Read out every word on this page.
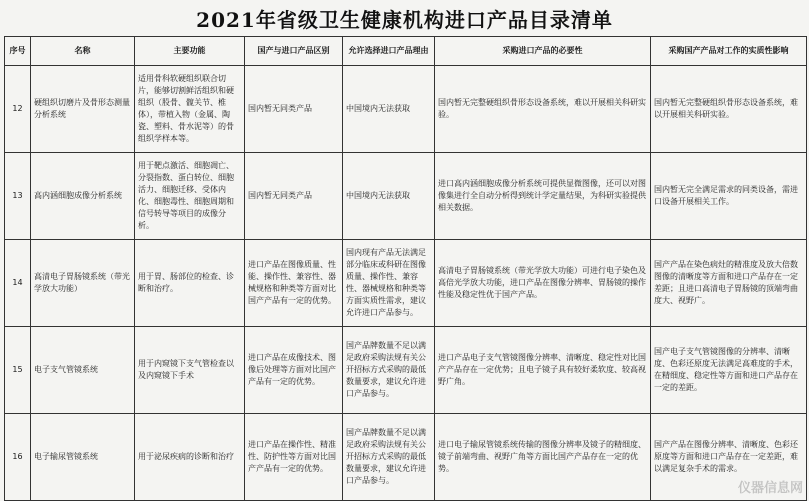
2021年省级卫生健康机构进口产品目录清单
序号	名称	主要功能	国产与进口产品区别	允许选择进口产品理由	采购进口产品的必要性	采购国产产品对工作的实质性影响
12	硬组织切磨片及骨形态测量分析系统	适用骨科软硬组织联合切片，能够切割鲜活组织和硬组织（股骨、髋关节、椎体），带植入物（金属、陶瓷、塑料、骨水泥等）的骨组织学样本等。	国内暂无同类产品	中国境内无法获取	国内暂无完整硬组织骨形态设备系统，难以开展相关科研实验。	国内暂无完整硬组织骨形态设备系统，难以开展相关科研实验。
13	高内涵细胞成像分析系统	用于靶点激活、细胞凋亡、分裂指数、蛋白转位、细胞活力、细胞迁移、受体内化、细胞毒性、细胞周期和信号转导等项目的成像分析。	国内暂无同类产品	中国境内无法获取	进口高内涵细胞成像分析系统可提供显微图像，还可以对图像集进行全自动分析得到统计学定量结果，为科研实验提供相关数据。	国内暂无完全满足需求的同类设备，需进口设备开展相关工作。
14	高清电子胃肠镜系统（带光学放大功能）	用于胃、肠部位的检查、诊断和治疗。	进口产品在图像质量、性能、操作性、兼容性、器械规格和种类等方面对比国产产品有一定的优势。	国内现有产品无法满足部分临床或科研在图像质量、操作性、兼容性、器械规格和种类等方面实质性需求，建议允许进口产品参与。	高清电子胃肠镜系统（带光学放大功能）可进行电子染色及高倍光学放大功能，进口产品在图像分辨率、胃肠镜的操作性能及稳定性优于国产产品。	国产产品在染色病灶的精准度及放大倍数图像的清晰度等方面和进口产品存在一定差距；且进口高清电子胃肠镜的顶端弯曲度大、视野广。
15	电子支气管镜系统	用于内窥镜下支气管检查以及内窥镜下手术	进口产品在成像技术、图像后处理等方面对比国产产品有一定的优势。	国产品牌数量不足以满足政府采购法规有关公开招标方式采购的最低数量要求，建议允许进口产品参与。	进口产品电子支气管镜图像分辨率、清晰度、稳定性对比国产产品存在一定优势；且电子镜子具有较好柔软度、较高视野广角。	国产电子支气管镜图像的分辨率、清晰度、色彩还原度无法满足高难度的手术，在精细度、稳定性等方面和进口产品存在一定的差距。
16	电子输尿管镜系统	用于泌尿疾病的诊断和治疗	进口产品在操作性、精准性、防护性等方面对比国产产品有一定的优势。	国产品牌数量不足以满足政府采购法规有关公开招标方式采购的最低数量要求，建议允许进口产品参与。	进口电子输尿管镜系统传输的图像分辨率及镜子的精细度、镜子前端弯曲、视野广角等方面比国产产品存在一定的优势。	国产产品在图像分辨率、清晰度、色彩还原度等方面和进口产品存在一定差距，难以满足复杂手术的需求。
仪器信息网
